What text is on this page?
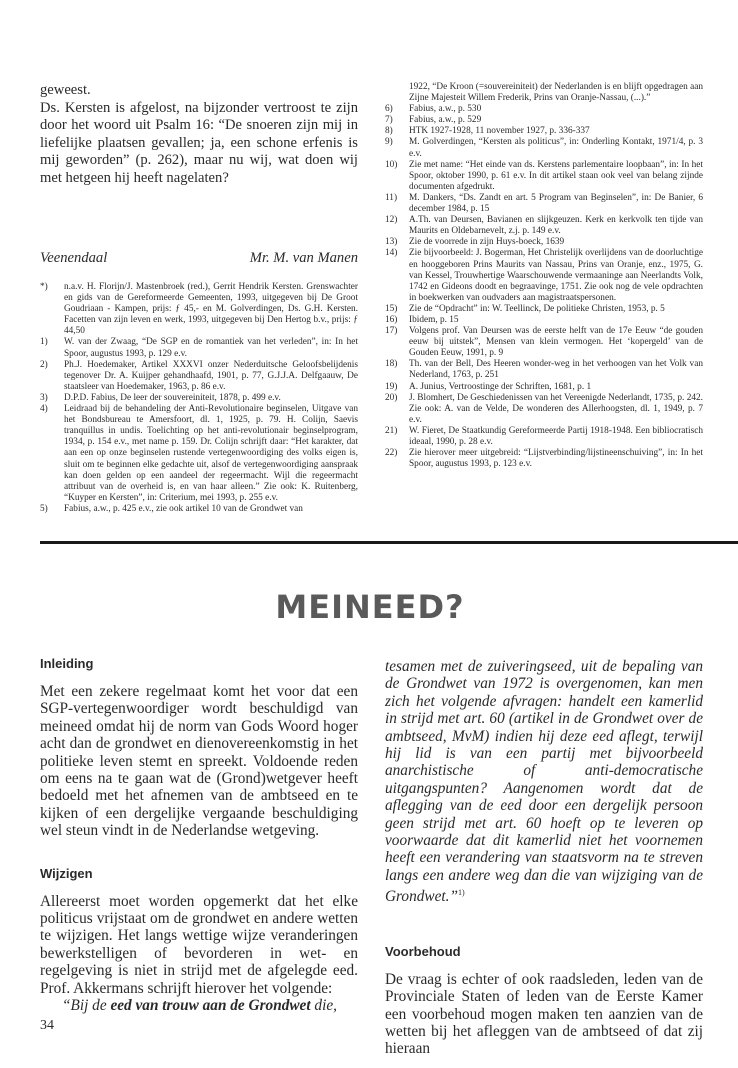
geweest.

Ds. Kersten is afgelost, na bijzonder vertroost te zijn door het woord uit Psalm 16: “De snoeren zijn mij in liefelijke plaatsen gevallen; ja, een schone erfenis is mij geworden” (p. 262), maar nu wij, wat doen wij met hetgeen hij heeft nagelaten?

Veenendaal	Mr. M. van Manen
*)	n.a.v. H. Florijn/J. Mastenbroek (red.), Gerrit Hendrik Kersten. Grenswachter en gids van de Gereformeerde Gemeenten, 1993, uitgegeven bij De Groot Goudriaan - Kampen, prijs: ƒ 45,- en M. Golverdingen, Ds. G.H. Kersten. Facetten van zijn leven en werk, 1993, uitgegeven bij Den Hertog b.v., prijs: ƒ 44,50
1)	W. van der Zwaag, “De SGP en de romantiek van het verleden”, in: In het Spoor, augustus 1993, p. 129 e.v.
2)	Ph.J. Hoedemaker, Artikel XXXVI onzer Nederduitsche Geloofsbelijdenis tegenover Dr. A. Kuijper gehandhaafd, 1901, p. 77, G.J.J.A. Delfgaauw, De staatsleer van Hoedemaker, 1963, p. 86 e.v.
3)	D.P.D. Fabius, De leer der souvereiniteit, 1878, p. 499 e.v.
4)	Leidraad bij de behandeling der Anti-Revolutionaire beginselen, Uitgave van het Bondsbureau te Amersfoort, dl. 1, 1925, p. 79. H. Colijn, Saevis tranquillus in undis. Toelichting op het anti-revolutionair beginselprogram, 1934, p. 154 e.v., met name p. 159. Dr. Colijn schrijft daar: “Het karakter, dat aan een op onze beginselen rustende vertegenwoordiging des volks eigen is, sluit om te beginnen elke gedachte uit, alsof de vertegenwoordiging aanspraak kan doen gelden op een aandeel der regeermacht. Wijl die regeermacht attribuut van de overheid is, en van haar alleen.” Zie ook: K. Ruitenberg, “Kuyper en Kersten”, in: Criterium, mei 1993, p. 255 e.v.
5)	Fabius, a.w., p. 425 e.v., zie ook artikel 10 van de Grondwet van
1922, “De Kroon (=souvereiniteit) der Nederlanden is en blijft opgedragen aan Zijne Majesteit Willem Frederik, Prins van Oranje-Nassau, (...).”
6)	Fabius, a.w., p. 530
7)	Fabius, a.w., p. 529
8)	HTK 1927-1928, 11 november 1927, p. 336-337
9)	M. Golverdingen, “Kersten als politicus”, in: Onderling Kontakt, 1971/4, p. 3 e.v.
10)	Zie met name: “Het einde van ds. Kerstens parlementaire loopbaan”, in: In het Spoor, oktober 1990, p. 61 e.v. In dit artikel staan ook veel van belang zijnde documenten afgedrukt.
11)	M. Dankers, “Ds. Zandt en art. 5 Program van Beginselen”, in: De Banier, 6 december 1984, p. 15
12)	A.Th. van Deursen, Bavianen en slijkgeuzen. Kerk en kerkvolk ten tijde van Maurits en Oldebarnevelt, z.j. p. 149 e.v.
13)	Zie de voorrede in zijn Huys-boeck, 1639
14)	Zie bijvoorbeeld: J. Bogerman, Het Christelijk overlijdens van de doorluchtige en hooggeboren Prins Maurits van Nassau, Prins van Oranje, enz., 1975, G. van Kessel, Trouwhertige Waarschouwende vermaaninge aan Neerlandts Volk, 1742 en Gideons doodt en begraavinge, 1751. Zie ook nog de vele opdrachten in boekwerken van oudvaders aan magistraatspersonen.
15)	Zie de “Opdracht” in: W. Teellinck, De politieke Christen, 1953, p. 5
16)	Ibidem, p. 15
17)	Volgens prof. Van Deursen was de eerste helft van de 17e Eeuw “de gouden eeuw bij uitstek”, Mensen van klein vermogen. Het ‘kopergeld’ van de Gouden Eeuw, 1991, p. 9
18)	Th. van der Bell, Des Heeren wonder-weg in het verhoogen van het Volk van Nederland, 1763, p. 251
19)	A. Junius, Vertroostinge der Schriften, 1681, p. 1
20)	J. Blomhert, De Geschiedenissen van het Vereenigde Nederlandt, 1735, p. 242. Zie ook: A. van de Velde, De wonderen des Allerhoogsten, dl. 1, 1949, p. 7 e.v.
21)	W. Fieret, De Staatkundig Gereformeerde Partij 1918-1948. Een bibliocratisch ideaal, 1990, p. 28 e.v.
22)	Zie hierover meer uitgebreid: “Lijstverbinding/lijstineenschuiving”, in: In het Spoor, augustus 1993, p. 123 e.v.
MEINEED?
Inleiding

Met een zekere regelmaat komt het voor dat een SGP-vertegenwoordiger wordt beschuldigd van meineed omdat hij de norm van Gods Woord hoger acht dan de grondwet en dienovereenkomstig in het politieke leven stemt en spreekt. Voldoende reden om eens na te gaan wat de (Grond)wetgever heeft bedoeld met het afnemen van de ambtseed en te kijken of een dergelijke vergaande beschuldiging wel steun vindt in de Nederlandse wetgeving.

Wijzigen

Allereerst moet worden opgemerkt dat het elke politicus vrijstaat om de grondwet en andere wetten te wijzigen. Het langs wettige wijze veranderingen bewerkstelligen of bevorderen in wet- en regelgeving is niet in strijd met de afgelegde eed. Prof. Akkermans schrijft hierover het volgende:

“Bij de eed van trouw aan de Grondwet die,

tesamen met de zuiveringseed, uit de bepaling van de Grondwet van 1972 is overgenomen, kan men zich het volgende afvragen: handelt een kamerlid in strijd met art. 60 (artikel in de Grondwet over de ambtseed, MvM) indien hij deze eed aflegt, terwijl hij lid is van een partij met bijvoorbeeld anarchistische of anti-democratische uitgangspunten? Aangenomen wordt dat de aflegging van de eed door een dergelijk persoon geen strijd met art. 60 hoeft op te leveren op voorwaarde dat dit kamerlid niet het voornemen heeft een verandering van staatsvorm na te streven langs een andere weg dan die van wijziging van de Grondwet.”$^{1)}$
Voorbehoud

De vraag is echter of ook raadsleden, leden van de Provinciale Staten of leden van de Eerste Kamer een voorbehoud mogen maken ten aanzien van de wetten bij het afleggen van de ambtseed of dat zij hieraan

34
